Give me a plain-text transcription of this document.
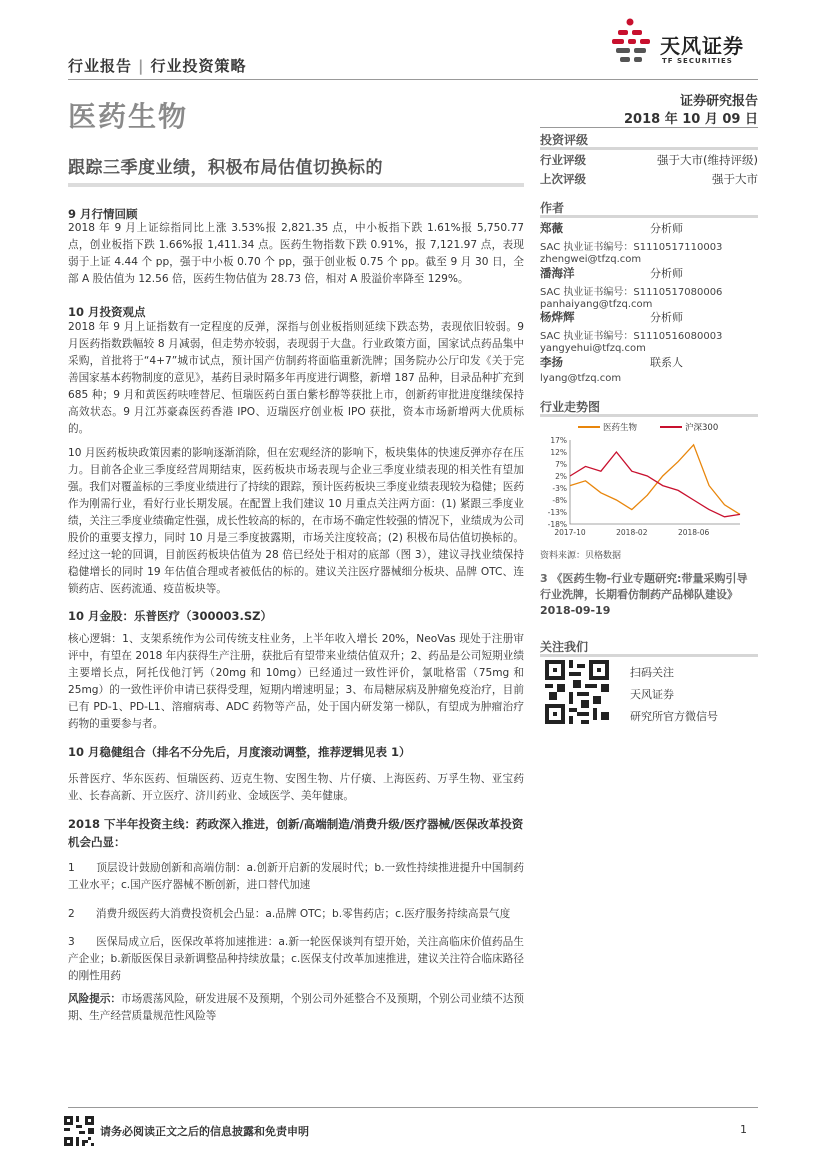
行业报告 | 行业投资策略
天风证券
TF SECURITIES
医药生物
跟踪三季度业绩，积极布局估值切换标的
证券研究报告
2018 年 10 月 09 日
投资评级
行业评级	强于大市(维持评级)
上次评级	强于大市
作者
郑薇	分析师
SAC 执业证书编号：S1110517110003
zhengwei@tfzq.com
潘海洋	分析师
SAC 执业证书编号：S1110517080006
panhaiyang@tfzq.com
杨烨辉	分析师
SAC 执业证书编号：S1110516080003
yangyehui@tfzq.com
李扬	联系人
lyang@tfzq.com
行业走势图
17%
12%
7%
2%
-3%
-8%
-13%
-18%
2017-10	2018-02	2018-06
医药生物	沪深300
资料来源：贝格数据
3 《医药生物-行业专题研究:带量采购引导行业洗牌，长期看仿制药产品梯队建设》 2018-09-19
关注我们
扫码关注
天风证券
研究所官方微信号
9 月行情回顾
2018 年 9 月上证综指同比上涨 3.53%报 2,821.35 点，中小板指下跌 1.61%报 5,750.77 点，创业板指下跌 1.66%报 1,411.34 点。医药生物指数下跌 0.91%，报 7,121.97 点，表现弱于上证 4.44 个 pp，强于中小板 0.70 个 pp，强于创业板 0.75 个 pp。截至 9 月 30 日，全部 A 股估值为 12.56 倍，医药生物估值为 28.73 倍，相对 A 股溢价率降至 129%。
10 月投资观点
2018 年 9 月上证指数有一定程度的反弹，深指与创业板指则延续下跌态势，表现依旧较弱。9 月医药指数跌幅较 8 月减弱，但走势亦较弱，表现弱于大盘。行业政策方面，国家试点药品集中采购，首批将于“4+7”城市试点，预计国产仿制药将面临重新洗牌；国务院办公厅印发《关于完善国家基本药物制度的意见》，基药目录时隔多年再度进行调整，新增 187 品种，目录品种扩充到 685 种；9 月和黄医药呋喹替尼、恒瑞医药白蛋白紫杉醇等获批上市，创新药审批进度继续保持高效状态。9 月江苏豪森医药香港 IPO、迈瑞医疗创业板 IPO 获批，资本市场新增两大优质标的。
10 月医药板块政策因素的影响逐渐消除，但在宏观经济的影响下，板块集体的快速反弹亦存在压力。目前各企业三季度经营周期结束，医药板块市场表现与企业三季度业绩表现的相关性有望加强。我们对覆盖标的三季度业绩进行了持续的跟踪，预计医药板块三季度业绩表现较为稳健；医药作为刚需行业，看好行业长期发展。在配置上我们建议 10 月重点关注两方面：(1) 紧跟三季度业绩，关注三季度业绩确定性强，成长性较高的标的，在市场不确定性较强的情况下，业绩成为公司股价的重要支撑力，同时 10 月是三季度披露期，市场关注度较高；(2) 积极布局估值切换标的。经过这一轮的回调，目前医药板块估值为 28 倍已经处于相对的底部（图 3），建议寻找业绩保持稳健增长的同时 19 年估值合理或者被低估的标的。建议关注医疗器械细分板块、品牌 OTC、连锁药店、医药流通、疫苗板块等。
10 月金股：乐普医疗（300003.SZ）
核心逻辑：1、支架系统作为公司传统支柱业务，上半年收入增长 20%，NeoVas 现处于注册审评中，有望在 2018 年内获得生产注册，获批后有望带来业绩估值双升；2、药品是公司短期业绩主要增长点，阿托伐他汀钙（20mg 和 10mg）已经通过一致性评价，氯吡格雷（75mg 和 25mg）的一致性评价申请已获得受理，短期内增速明显；3、布局糖尿病及肿瘤免疫治疗，目前已有 PD-1、PD-L1、溶瘤病毒、ADC 药物等产品，处于国内研发第一梯队，有望成为肿瘤治疗药物的重要参与者。
10 月稳健组合（排名不分先后，月度滚动调整，推荐逻辑见表 1）
乐普医疗、华东医药、恒瑞医药、迈克生物、安图生物、片仔癀、上海医药、万孚生物、亚宝药业、长春高新、开立医疗、济川药业、金域医学、美年健康。
2018 下半年投资主线：药政深入推进，创新/高端制造/消费升级/医疗器械/医保改革投资机会凸显：
1　　顶层设计鼓励创新和高端仿制：a.创新开启新的发展时代；b.一致性持续推进提升中国制药工业水平；c.国产医疗器械不断创新，进口替代加速
2　　消费升级医药大消费投资机会凸显：a.品牌 OTC；b.零售药店；c.医疗服务持续高景气度
3　　医保局成立后，医保改革将加速推进：a.新一轮医保谈判有望开始，关注高临床价值药品生产企业；b.新版医保目录新调整品种持续放量；c.医保支付改革加速推进，建议关注符合临床路径的刚性用药
风险提示：市场震荡风险，研发进展不及预期，个别公司外延整合不及预期，个别公司业绩不达预期、生产经营质量规范性风险等
请务必阅读正文之后的信息披露和免责申明	1
